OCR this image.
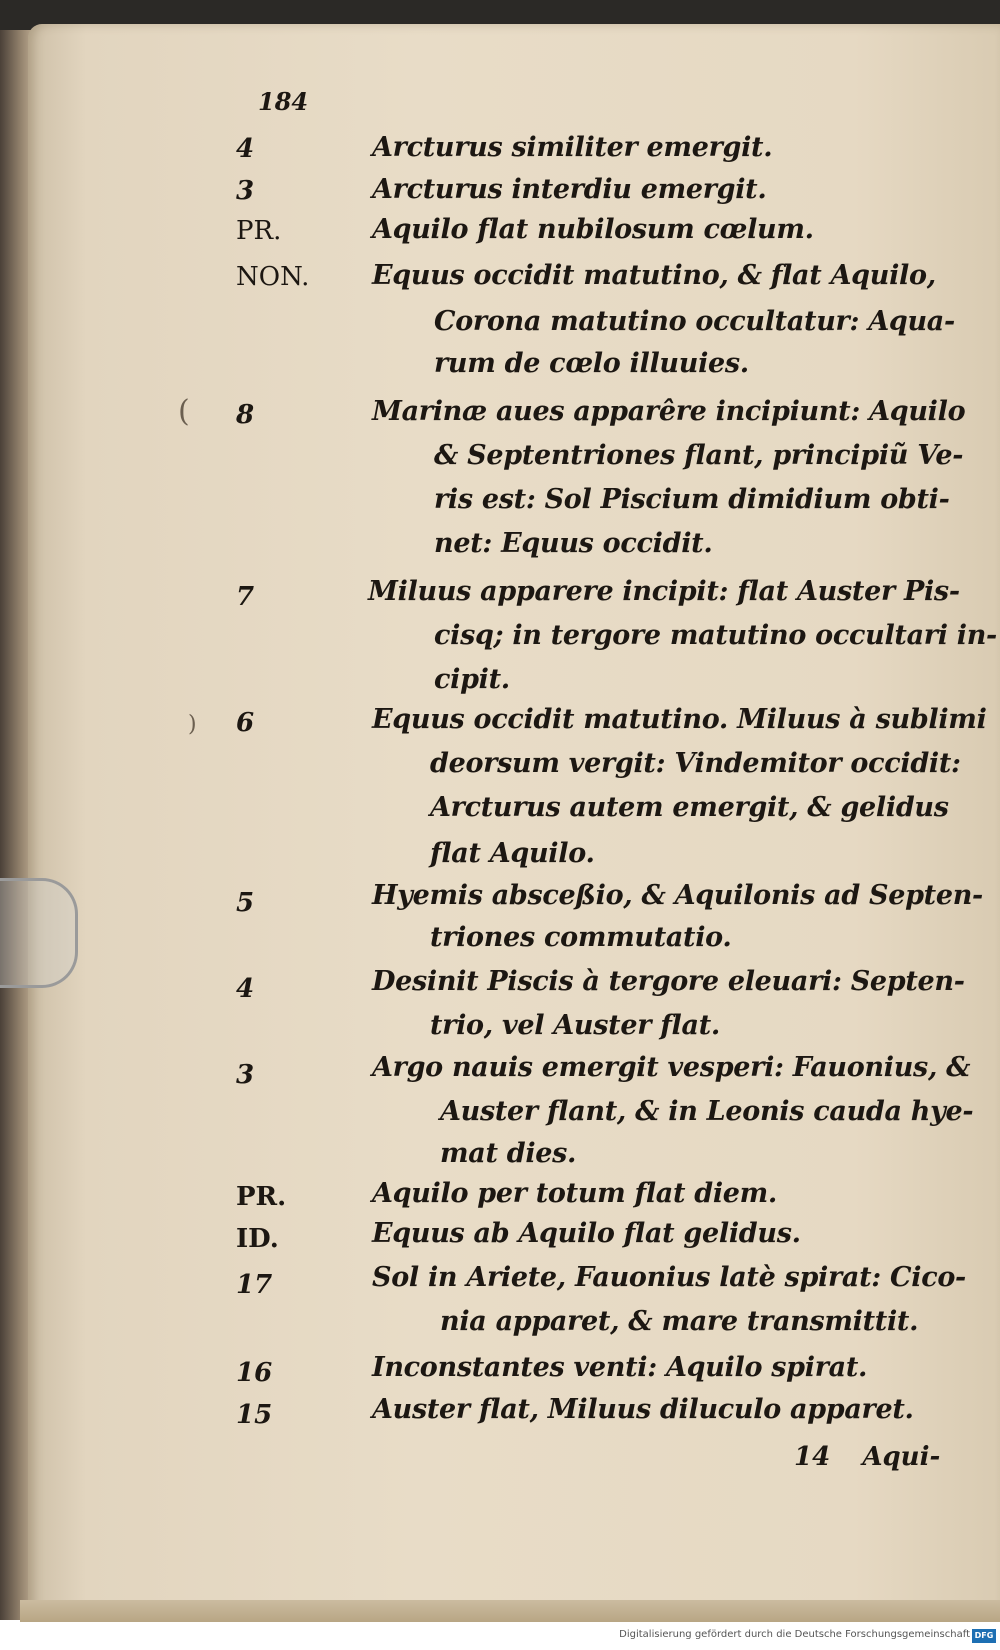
(
)
184
4	Arcturus similiter emergit.
3	Arcturus interdiu emergit.
PR.	Aquilo flat nubilosum cœlum.
NON. Equus occidit matutino, & flat Aquilo,
Corona matutino occultatur: Aqua-
rum de cœlo illuuies.
8	Marinæ aues apparêre incipiunt: Aquilo
& Septentriones flant, principiũ Ve-
ris est: Sol Piscium dimidium obti-
net: Equus occidit.
7	Miluus apparere incipit: flat Auster Pis-
cisq; in tergore matutino occultari in-
cipit.
6	Equus occidit matutino. Miluus à sublimi
deorsum vergit: Vindemitor occidit:
Arcturus autem emergit, & gelidus
flat Aquilo.
5	Hyemis absceßio, & Aquilonis ad Septen-
triones commutatio.
4	Desinit Piscis à tergore eleuari: Septen-
trio, vel Auster flat.
3	Argo nauis emergit vesperi: Fauonius, &
Auster flant, & in Leonis cauda hye-
mat dies.
PR.	Aquilo per totum flat diem.
ID.	Equus ab Aquilo flat gelidus.
17	Sol in Ariete, Fauonius latè spirat: Cico-
nia apparet, & mare transmittit.
16	Inconstantes venti: Aquilo spirat.
15	Auster flat, Miluus diluculo apparet.
14 Aqui-
Digitalisierung gefördert durch die Deutsche Forschungsgemeinschaft DFG
